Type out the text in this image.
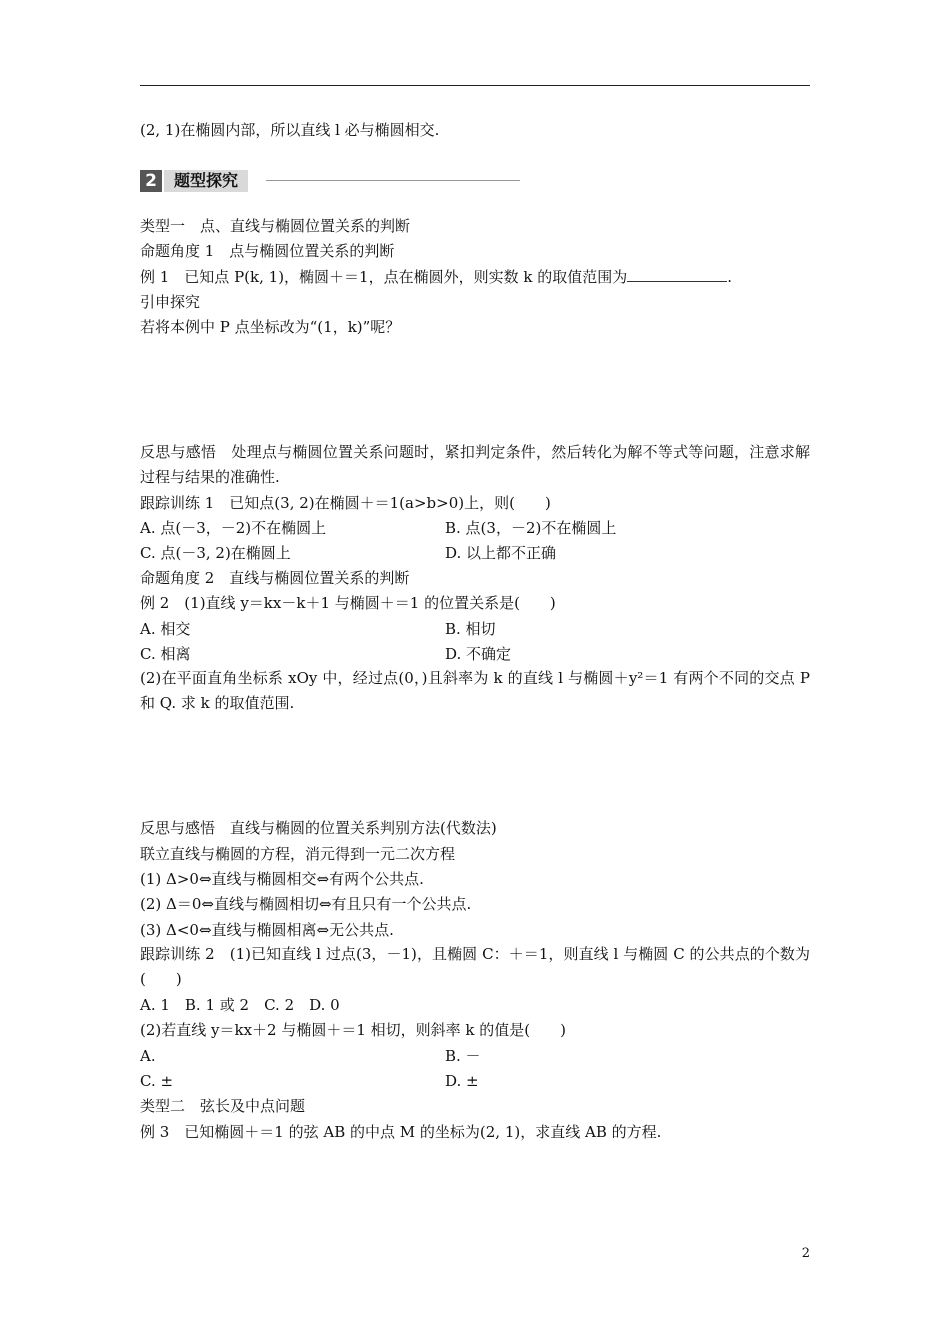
(2, 1)在椭圆内部，所以直线 l 必与椭圆相交.
2	题型探究
类型一　点、直线与椭圆位置关系的判断
命题角度 1　点与椭圆位置关系的判断
例 1　已知点 P(k, 1)，椭圆＋＝1，点在椭圆外，则实数 k 的取值范围为	.
引申探究
若将本例中 P 点坐标改为“(1，k)”呢？
反思与感悟　处理点与椭圆位置关系问题时，紧扣判定条件，然后转化为解不等式等问题，注意求解过程与结果的准确性.
跟踪训练 1　已知点(3, 2)在椭圆＋＝1(a>b>0)上，则(　　)
A. 点(－3，－2)不在椭圆上	B. 点(3，－2)不在椭圆上
C. 点(－3, 2)在椭圆上	D. 以上都不正确
命题角度 2　直线与椭圆位置关系的判断
例 2　(1)直线 y＝kx－k＋1 与椭圆＋＝1 的位置关系是(　　)
A. 相交	B. 相切
C. 相离	D. 不确定
(2)在平面直角坐标系 xOy 中，经过点(0，)且斜率为 k 的直线 l 与椭圆＋y²＝1 有两个不同的交点 P 和 Q. 求 k 的取值范围.
反思与感悟　直线与椭圆的位置关系判别方法(代数法)
联立直线与椭圆的方程，消元得到一元二次方程
(1) Δ>0⇔直线与椭圆相交⇔有两个公共点.
(2) Δ＝0⇔直线与椭圆相切⇔有且只有一个公共点.
(3) Δ<0⇔直线与椭圆相离⇔无公共点.
跟踪训练 2　(1)已知直线 l 过点(3，－1)，且椭圆 C：＋＝1，则直线 l 与椭圆 C 的公共点的个数为(　　)
A. 1　B. 1 或 2　C. 2　D. 0
(2)若直线 y＝kx＋2 与椭圆＋＝1 相切，则斜率 k 的值是(　　)
A.	B. －
C. ±	D. ±
类型二　弦长及中点问题
例 3　已知椭圆＋＝1 的弦 AB 的中点 M 的坐标为(2, 1)，求直线 AB 的方程.
2
